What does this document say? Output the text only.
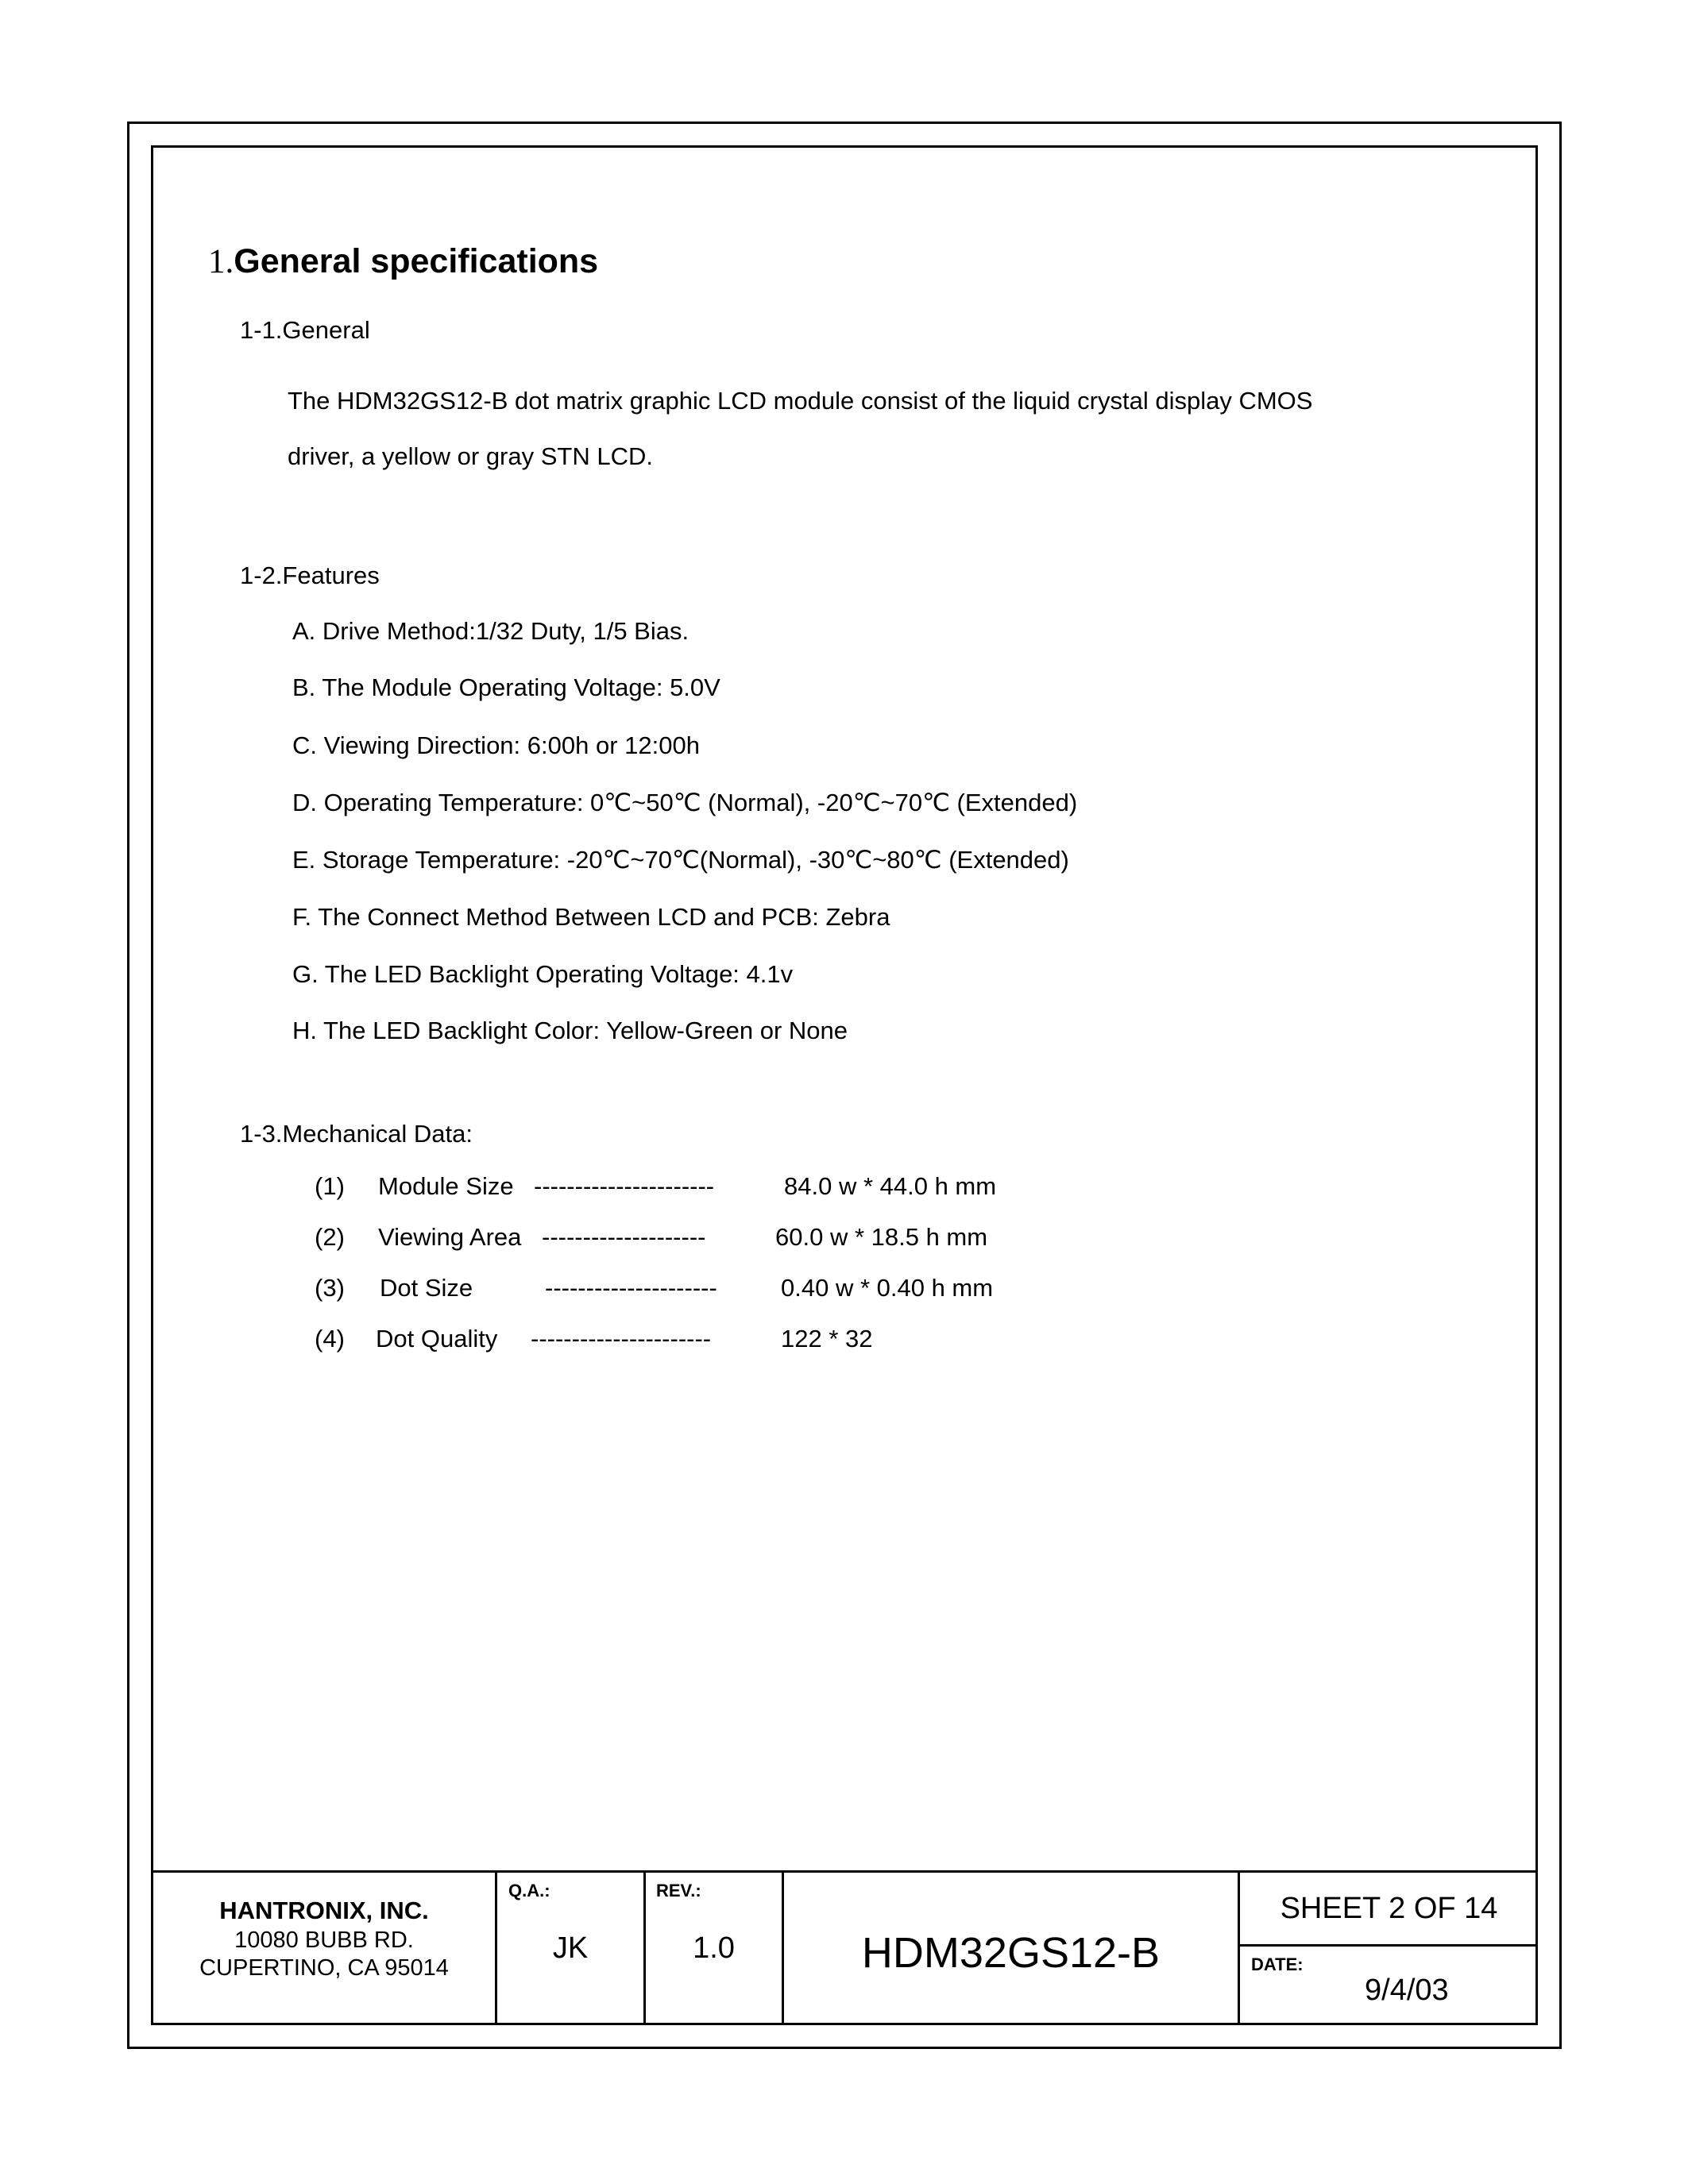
1.General specifications
1-1.General
The HDM32GS12-B dot matrix graphic LCD module consist of the liquid crystal display CMOS
driver, a yellow or gray STN LCD.
1-2.Features
A. Drive Method:1/32 Duty, 1/5 Bias.
B. The Module Operating Voltage: 5.0V
C. Viewing Direction: 6:00h or 12:00h
D. Operating Temperature: 0℃~50℃ (Normal), -20℃~70℃ (Extended)
E. Storage Temperature: -20℃~70℃(Normal), -30℃~80℃ (Extended)
F. The Connect Method Between LCD and PCB: Zebra
G. The LED Backlight Operating Voltage: 4.1v
H. The LED Backlight Color: Yellow-Green or None
1-3.Mechanical Data:
(1) Module Size ----------------------	84.0 w * 44.0 h mm
(2) Viewing Area --------------------	60.0 w * 18.5 h mm
(3) Dot Size	---------------------	0.40 w * 0.40 h mm
(4) Dot Quality ----------------------	122 * 32
HANTRONIX, INC.
10080 BUBB RD.
CUPERTINO, CA 95014
Q.A.:
JK
REV.:
1.0	HDM32GS12-B
SHEET 2 OF 14
DATE:
9/4/03
